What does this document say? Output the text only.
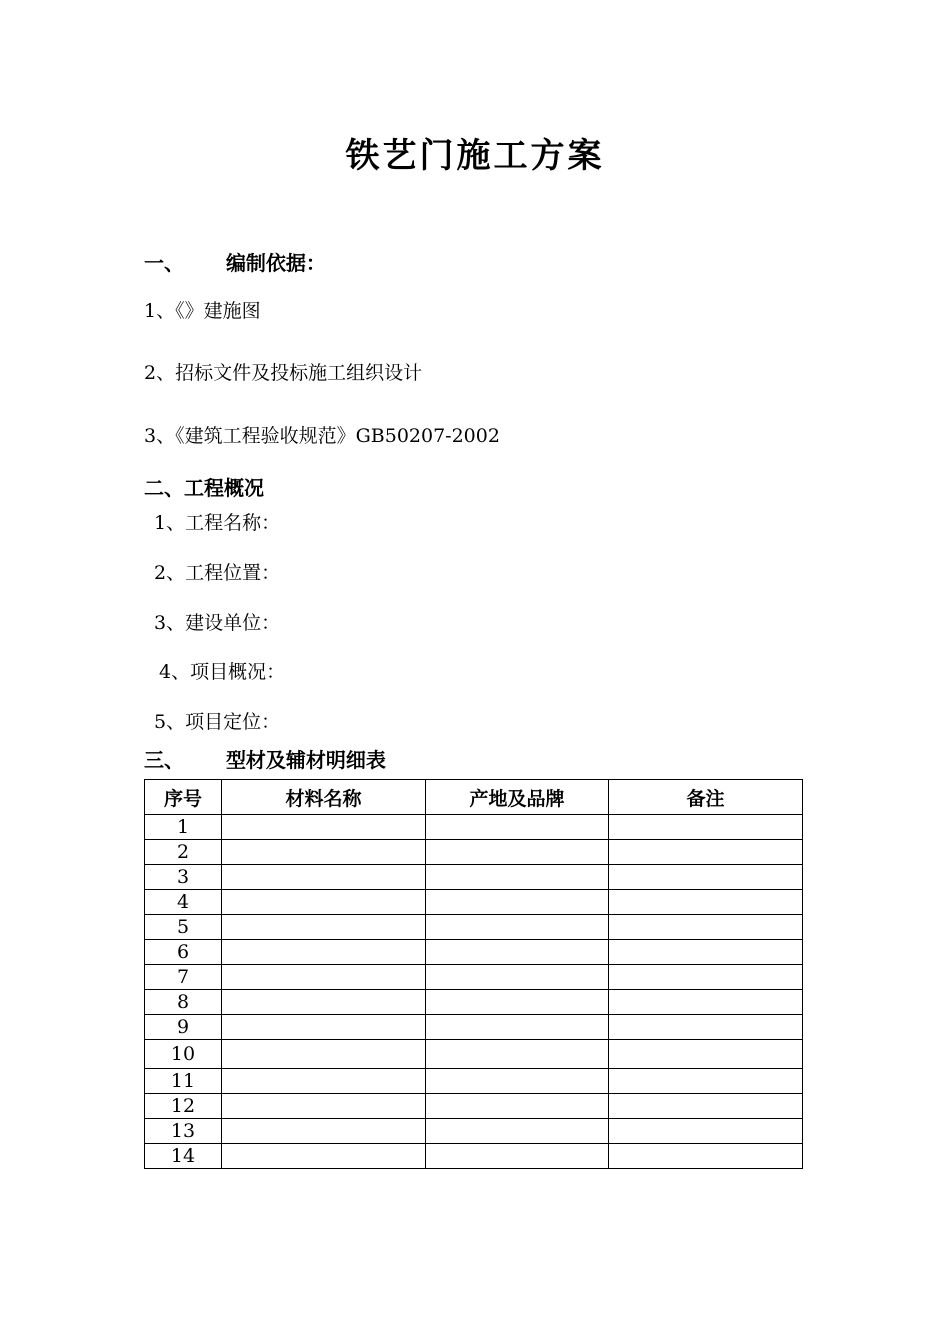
铁艺门施工方案
一、 编制依据：
1、《》建施图
2、招标文件及投标施工组织设计
3、《建筑工程验收规范》GB50207-2002
二、工程概况
1、工程名称：
2、工程位置：
3、建设单位：
4、项目概况：
5、项目定位：
三、 型材及辅材明细表
序号	材料名称	产地及品牌	备注
1			
2			
3			
4			
5			
6			
7			
8			
9			
10			
11			
12			
13			
14			
